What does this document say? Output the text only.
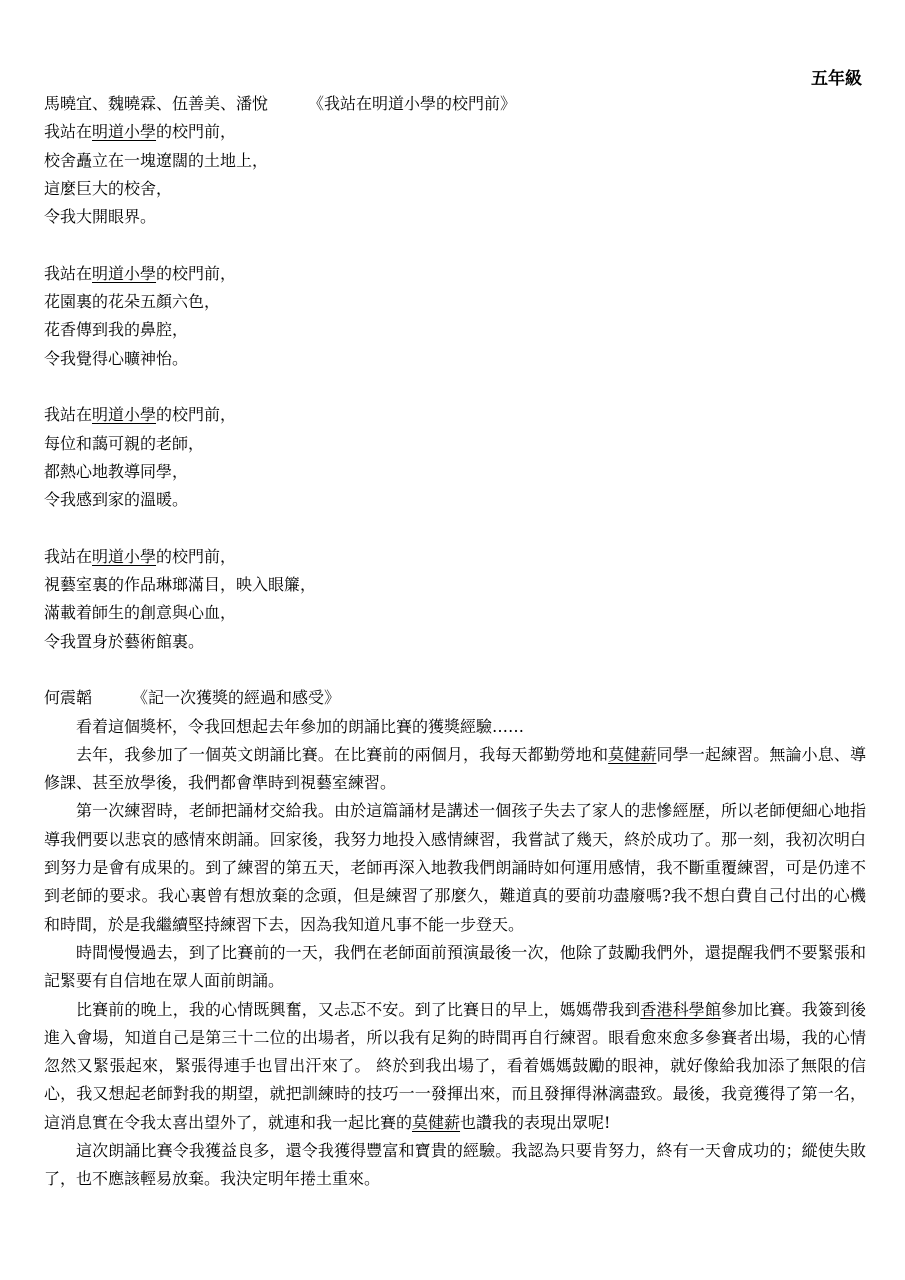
五年級
馬曉宜、魏曉霖、伍善美、潘悅	《我站在明道小學的校門前》
我站在明道小學的校門前，
校舍矗立在一塊遼闊的土地上，
這麼巨大的校舍，
令我大開眼界。
我站在明道小學的校門前，
花園裏的花朵五顏六色，
花香傳到我的鼻腔，
令我覺得心曠神怡。
我站在明道小學的校門前，
每位和藹可親的老師，
都熱心地教導同學，
令我感到家的溫暖。
我站在明道小學的校門前，
視藝室裏的作品琳瑯滿目，映入眼簾，
滿載着師生的創意與心血，
令我置身於藝術館裏。
何震韜	《記一次獲獎的經過和感受》
看着這個獎杯，令我回想起去年參加的朗誦比賽的獲獎經驗……
去年，我參加了一個英文朗誦比賽。在比賽前的兩個月，我每天都勤勞地和莫健薪同學一起練習。無論小息、導修課、甚至放學後，我們都會準時到視藝室練習。
第一次練習時，老師把誦材交給我。由於這篇誦材是講述一個孩子失去了家人的悲慘經歷，所以老師便細心地指導我們要以悲哀的感情來朗誦。回家後，我努力地投入感情練習，我嘗試了幾天，終於成功了。那一刻，我初次明白到努力是會有成果的。到了練習的第五天，老師再深入地教我們朗誦時如何運用感情，我不斷重覆練習，可是仍達不到老師的要求。我心裏曾有想放棄的念頭，但是練習了那麼久，難道真的要前功盡廢嗎?我不想白費自己付出的心機和時間，於是我繼續堅持練習下去，因為我知道凡事不能一步登天。
時間慢慢過去，到了比賽前的一天，我們在老師面前預演最後一次，他除了鼓勵我們外，還提醒我們不要緊張和記緊要有自信地在眾人面前朗誦。
比賽前的晚上，我的心情既興奮，又忐忑不安。到了比賽日的早上，媽媽帶我到香港科學館參加比賽。我簽到後進入會場，知道自己是第三十二位的出場者，所以我有足夠的時間再自行練習。眼看愈來愈多參賽者出場，我的心情忽然又緊張起來，緊張得連手也冒出汗來了。 終於到我出場了，看着媽媽鼓勵的眼神，就好像給我加添了無限的信心，我又想起老師對我的期望，就把訓練時的技巧一一發揮出來，而且發揮得淋漓盡致。最後，我竟獲得了第一名，這消息實在令我太喜出望外了，就連和我一起比賽的莫健薪也讚我的表現出眾呢!
這次朗誦比賽令我獲益良多，還令我獲得豐富和寶貴的經驗。我認為只要肯努力，終有一天會成功的；縱使失敗了，也不應該輕易放棄。我決定明年捲土重來。
